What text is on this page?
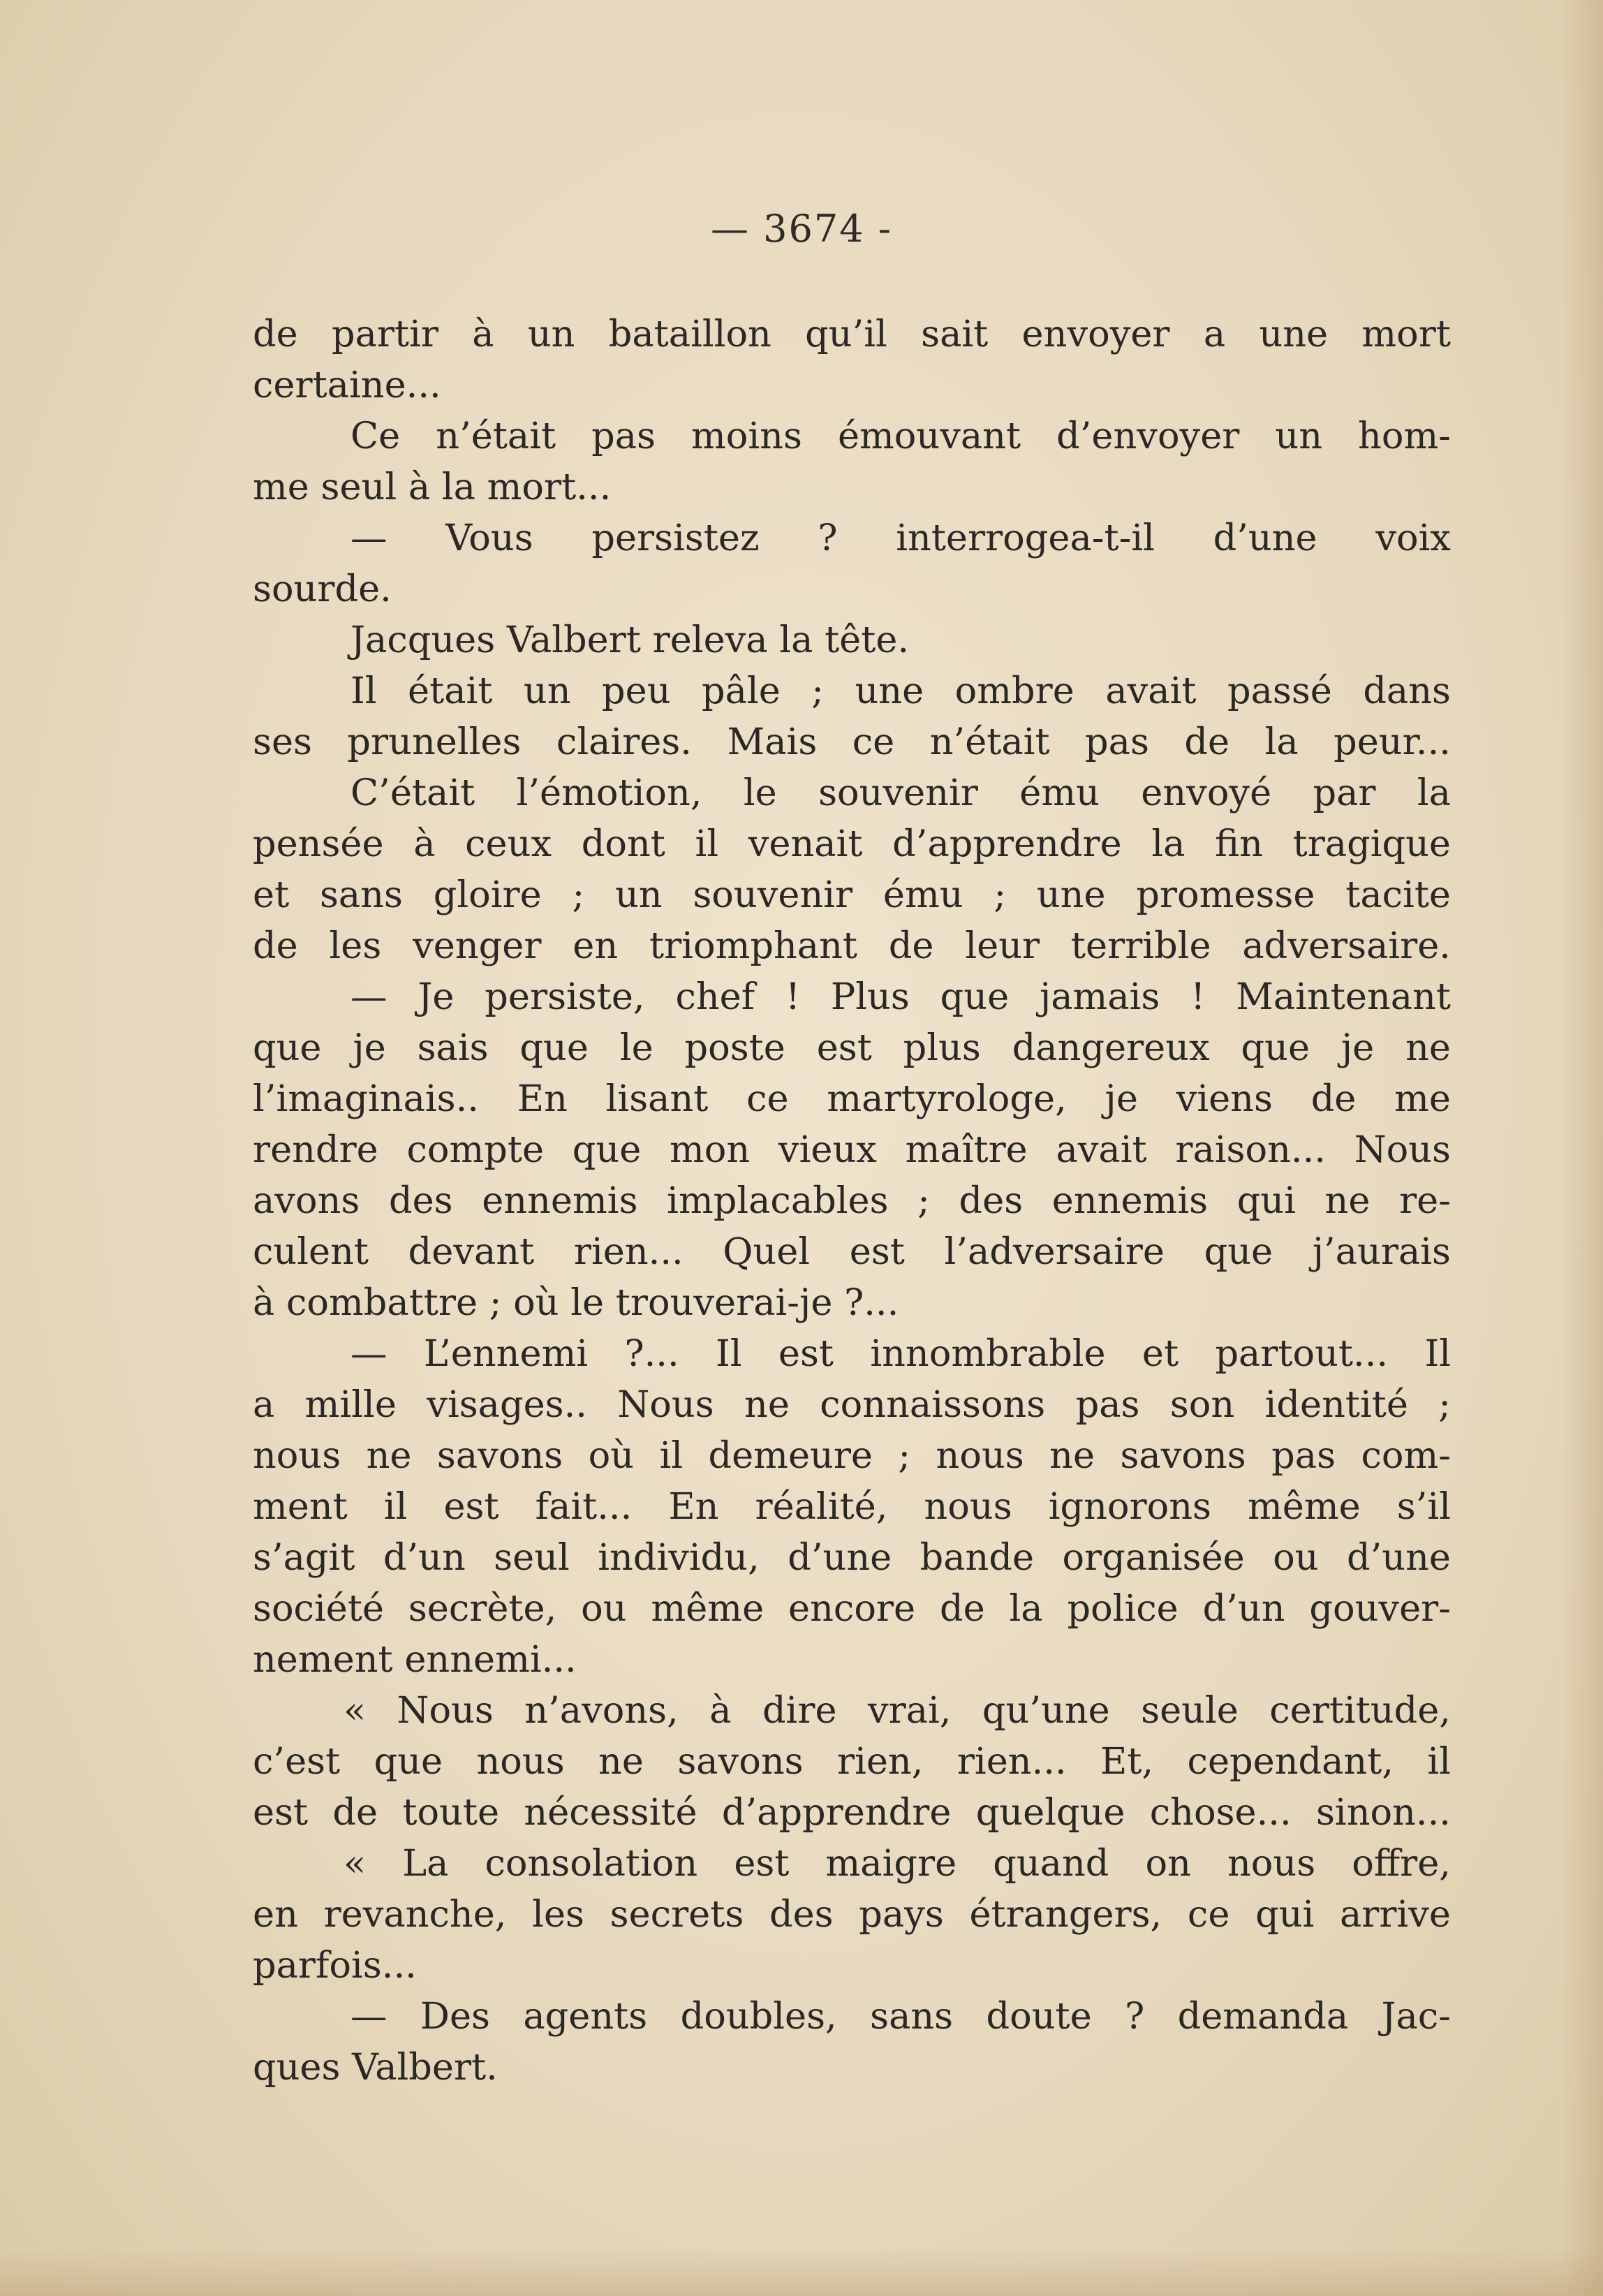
— 3674 -
de partir à un bataillon qu’il sait envoyer a une mort
certaine...
Ce n’était pas moins émouvant d’envoyer un hom-
me seul à la mort...
— Vous persistez ? interrogea-t-il d’une voix
sourde.
Jacques Valbert releva la tête.
Il était un peu pâle ; une ombre avait passé dans
ses prunelles claires. Mais ce n’était pas de la peur...
C’était l’émotion, le souvenir ému envoyé par la
pensée à ceux dont il venait d’apprendre la fin tragique
et sans gloire ; un souvenir ému ; une promesse tacite
de les venger en triomphant de leur terrible adversaire.
— Je persiste, chef ! Plus que jamais ! Maintenant
que je sais que le poste est plus dangereux que je ne
l’imaginais.. En lisant ce martyrologe, je viens de me
rendre compte que mon vieux maître avait raison... Nous
avons des ennemis implacables ; des ennemis qui ne re-
culent devant rien... Quel est l’adversaire que j’aurais
à combattre ; où le trouverai-je ?...
— L’ennemi ?... Il est innombrable et partout... Il
a mille visages.. Nous ne connaissons pas son identité ;
nous ne savons où il demeure ; nous ne savons pas com-
ment il est fait... En réalité, nous ignorons même s’il
s’agit d’un seul individu, d’une bande organisée ou d’une
société secrète, ou même encore de la police d’un gouver-
nement ennemi...
« Nous n’avons, à dire vrai, qu’une seule certitude,
c’est que nous ne savons rien, rien... Et, cependant, il
est de toute nécessité d’apprendre quelque chose... sinon...
« La consolation est maigre quand on nous offre,
en revanche, les secrets des pays étrangers, ce qui arrive
parfois...
— Des agents doubles, sans doute ? demanda Jac-
ques Valbert.
